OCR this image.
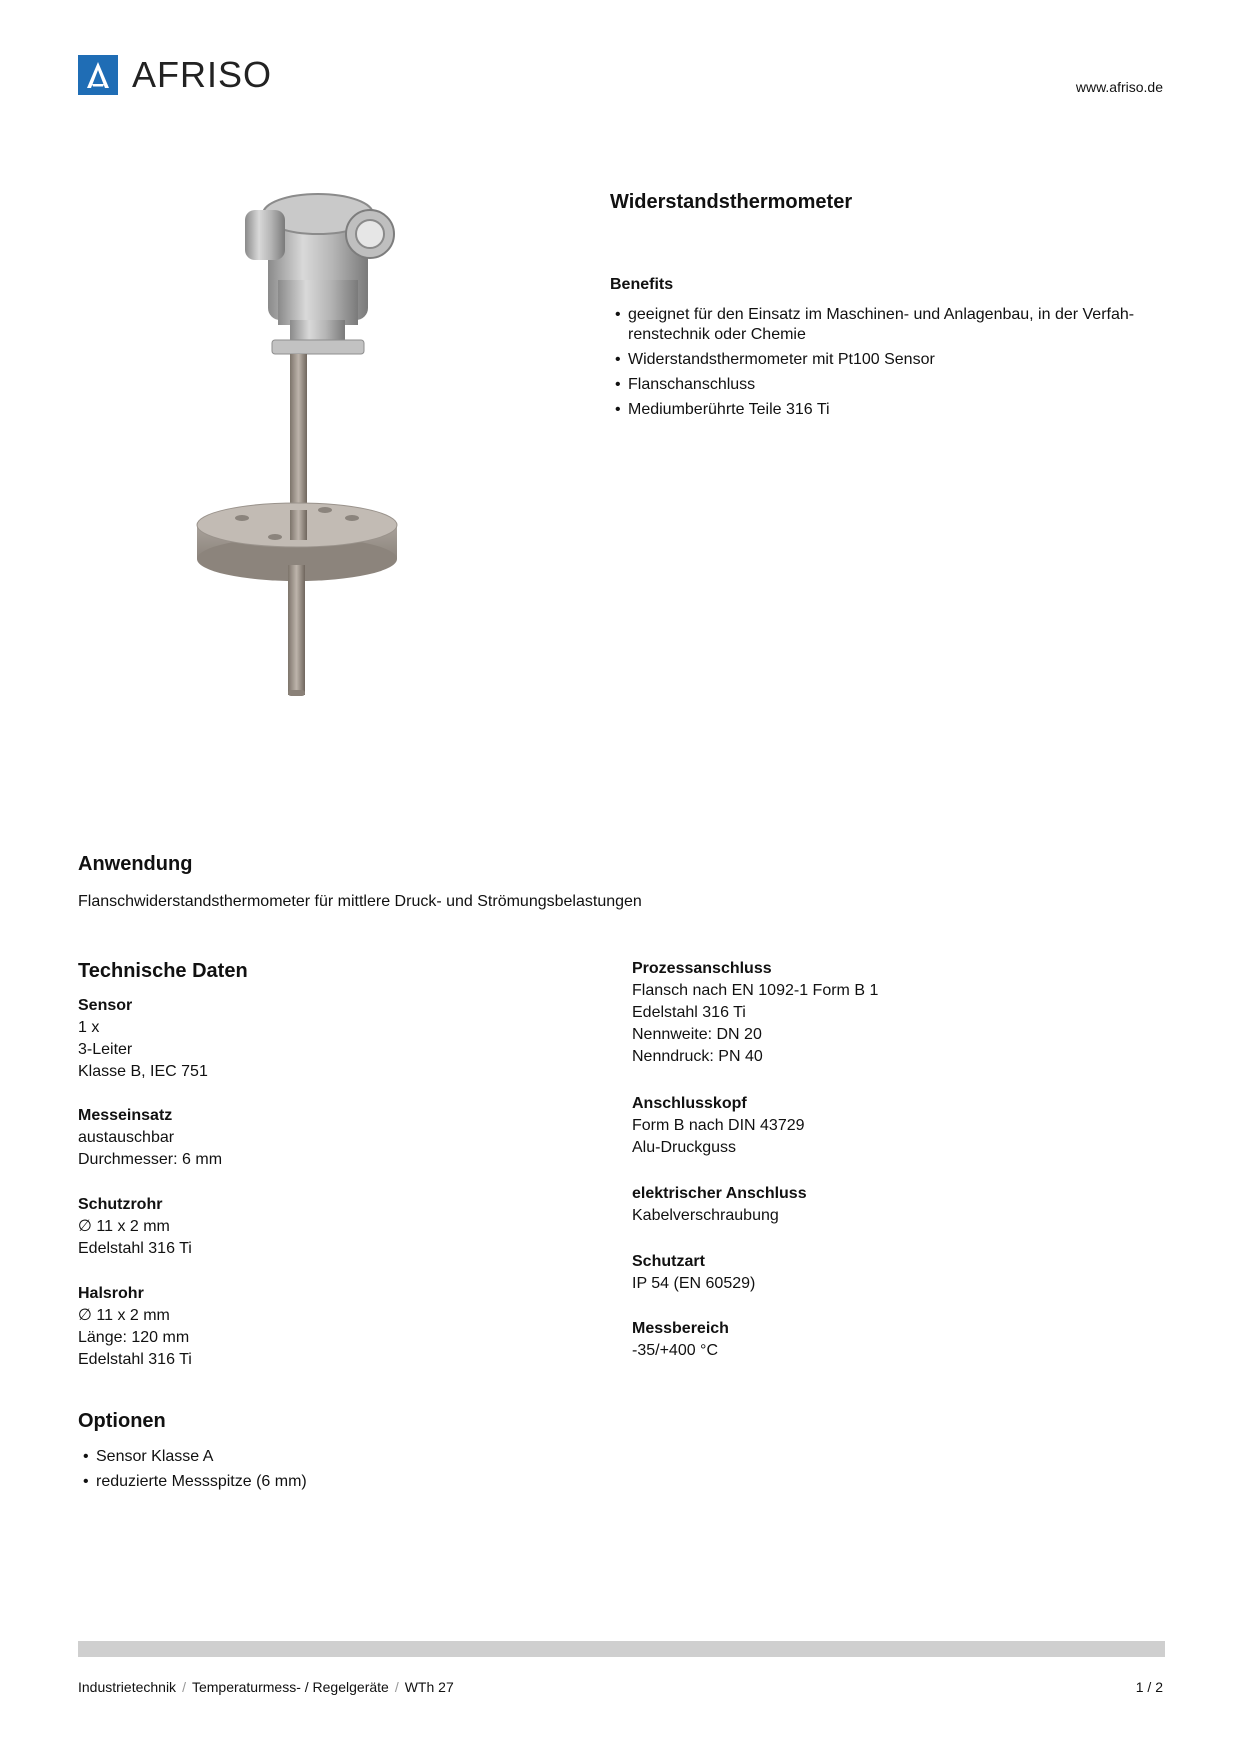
AFRISO	www.afriso.de
Widerstandsthermometer
Benefits
• geeignet für den Einsatz im Maschinen- und Anlagenbau, in der Verfah-renstechnik oder Chemie
• Widerstandsthermometer mit Pt100 Sensor
• Flanschanschluss
• Mediumberührte Teile 316 Ti
Anwendung
Flanschwiderstandsthermometer für mittlere Druck- und Strömungsbelastungen
Technische Daten
Sensor
1 x
3-Leiter
Klasse B, IEC 751
Messeinsatz
austauschbar
Durchmesser: 6 mm
Schutzrohr
∅ 11 x 2 mm
Edelstahl 316 Ti
Halsrohr
∅ 11 x 2 mm
Länge: 120 mm
Edelstahl 316 Ti
Prozessanschluss
Flansch nach EN 1092-1 Form B 1
Edelstahl 316 Ti
Nennweite: DN 20
Nenndruck: PN 40
Anschlusskopf
Form B nach DIN 43729
Alu-Druckguss
elektrischer Anschluss
Kabelverschraubung
Schutzart
IP 54 (EN 60529)
Messbereich
-35/+400 °C
Optionen
• Sensor Klasse A
• reduzierte Messspitze (6 mm)
Industrietechnik / Temperaturmess- / Regelgeräte / WTh 27	1 / 2
